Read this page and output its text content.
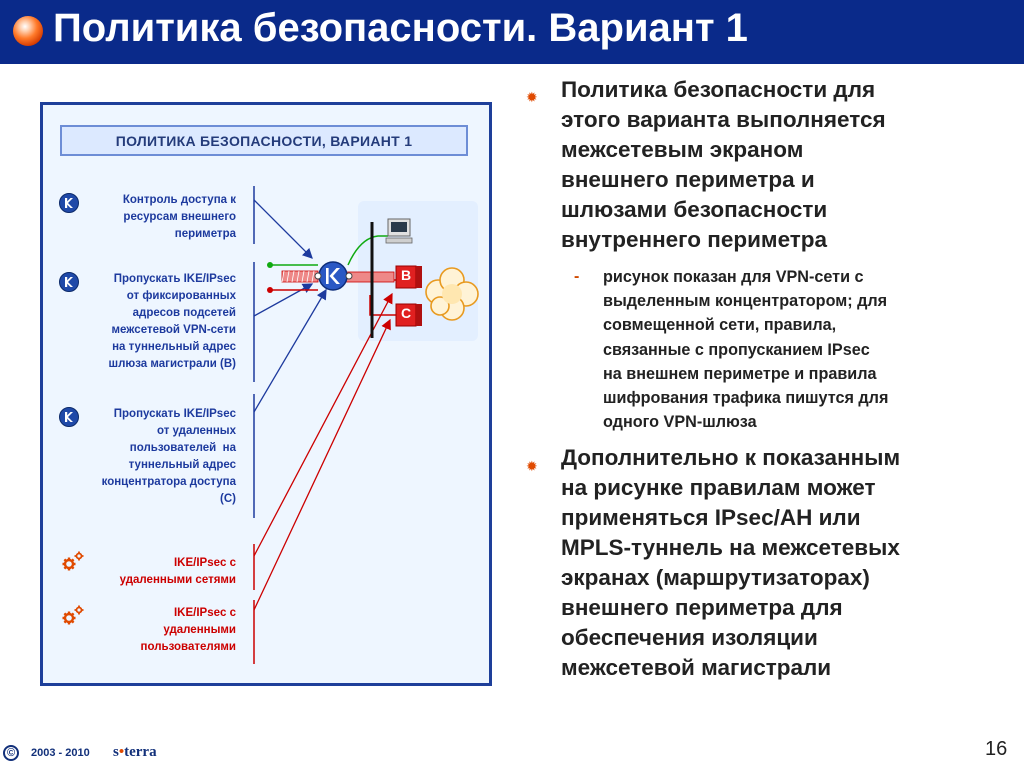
Политика безопасности. Вариант 1
ПОЛИТИКА БЕЗОПАСНОСТИ, ВАРИАНТ 1
Контроль доступа к
ресурсам внешнего
периметра
Пропускать IKE/IPsec
от фиксированных
адресов подсетей
межсетевой VPN-сети
на туннельный адрес
шлюза магистрали (B)
Пропускать IKE/IPsec
от удаленных
пользователей  на
туннельный адрес
концентратора доступа
(C)
IKE/IPsec с
удаленными сетями
IKE/IPsec с
удаленными
пользователями
B
C
✹ Политика безопасности для
этого варианта выполняется
межсетевым экраном
внешнего периметра и
шлюзами безопасности
внутреннего периметра
- рисунок показан для VPN-сети с
выделенным концентратором; для
совмещенной сети, правила,
связанные с пропусканием IPsec
на внешнем периметре и правила
шифрования трафика пишутся для
одного VPN-шлюза
✹ Дополнительно к показанным
на рисунке правилам может
применяться IPsec/AH или
MPLS-туннель на межсетевых
экранах (маршрутизаторах)
внешнего периметра для
обеспечения изоляции
межсетевой магистрали
©	2003 - 2010 s•terra	16
